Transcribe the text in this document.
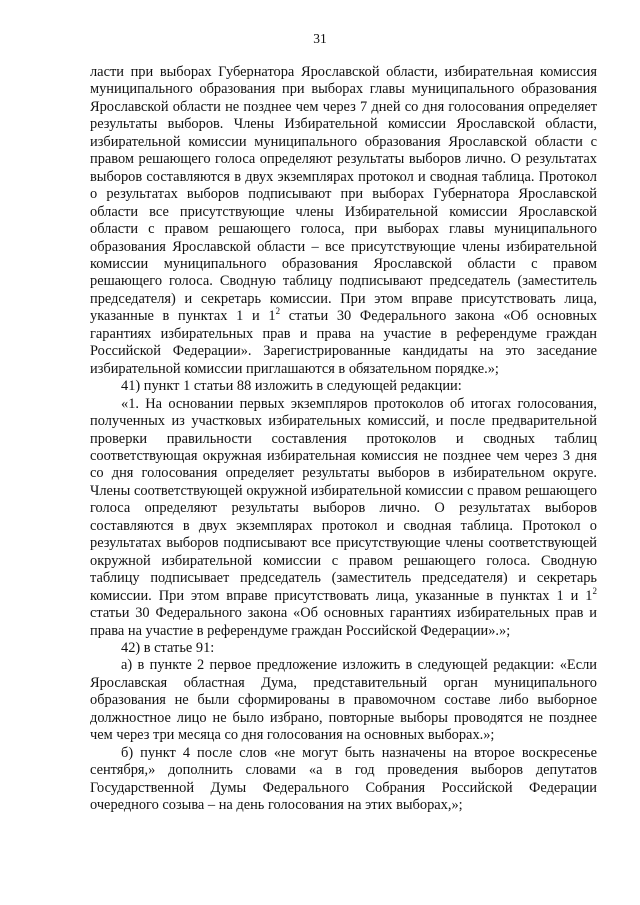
31

ласти при выборах Губернатора Ярославской области, избирательная комиссия муниципального образования при выборах главы муниципального образования Ярославской области не позднее чем через 7 дней со дня голосования определяет результаты выборов. Члены Избирательной комиссии Ярославской области, избирательной комиссии муниципального образования Ярославской области с правом решающего голоса определяют результаты выборов лично. О результатах выборов составляются в двух экземплярах протокол и сводная таблица. Протокол о результатах выборов подписывают при выборах Губернатора Ярославской области все присутствующие члены Избирательной комиссии Ярославской области с правом решающего голоса, при выборах главы муниципального образования Ярославской области – все присутствующие члены избирательной комиссии муниципального образования Ярославской области с правом решающего голоса. Сводную таблицу подписывают председатель (заместитель председателя) и секретарь комиссии. При этом вправе присутствовать лица, указанные в пунктах 1 и $1^2$ статьи 30 Федерального закона «Об основных гарантиях избирательных прав и права на участие в референдуме граждан Российской Федерации». Зарегистрированные кандидаты на это заседание избирательной комиссии приглашаются в обязательном порядке.»;

41) пункт 1 статьи 88 изложить в следующей редакции:

«1. На основании первых экземпляров протоколов об итогах голосования, полученных из участковых избирательных комиссий, и после предварительной проверки правильности составления протоколов и сводных таблиц соответствующая окружная избирательная комиссия не позднее чем через 3 дня со дня голосования определяет результаты выборов в избирательном округе. Члены соответствующей окружной избирательной комиссии с правом решающего голоса определяют результаты выборов лично. О результатах выборов составляются в двух экземплярах протокол и сводная таблица. Протокол о результатах выборов подписывают все присутствующие члены соответствующей окружной избирательной комиссии с правом решающего голоса. Сводную таблицу подписывает председатель (заместитель председателя) и секретарь комиссии. При этом вправе присутствовать лица, указанные в пунктах 1 и $1^2$ статьи 30 Федерального закона «Об основных гарантиях избирательных прав и права на участие в референдуме граждан Российской Федерации».»;

42) в статье 91:

а) в пункте 2 первое предложение изложить в следующей редакции: «Если Ярославская областная Дума, представительный орган муниципального образования не были сформированы в правомочном составе либо выборное должностное лицо не было избрано, повторные выборы проводятся не позднее чем через три месяца со дня голосования на основных выборах.»;

б) пункт 4 после слов «не могут быть назначены на второе воскресенье сентября,» дополнить словами «а в год проведения выборов депутатов Государственной Думы Федерального Собрания Российской Федерации очередного созыва – на день голосования на этих выборах,»;
